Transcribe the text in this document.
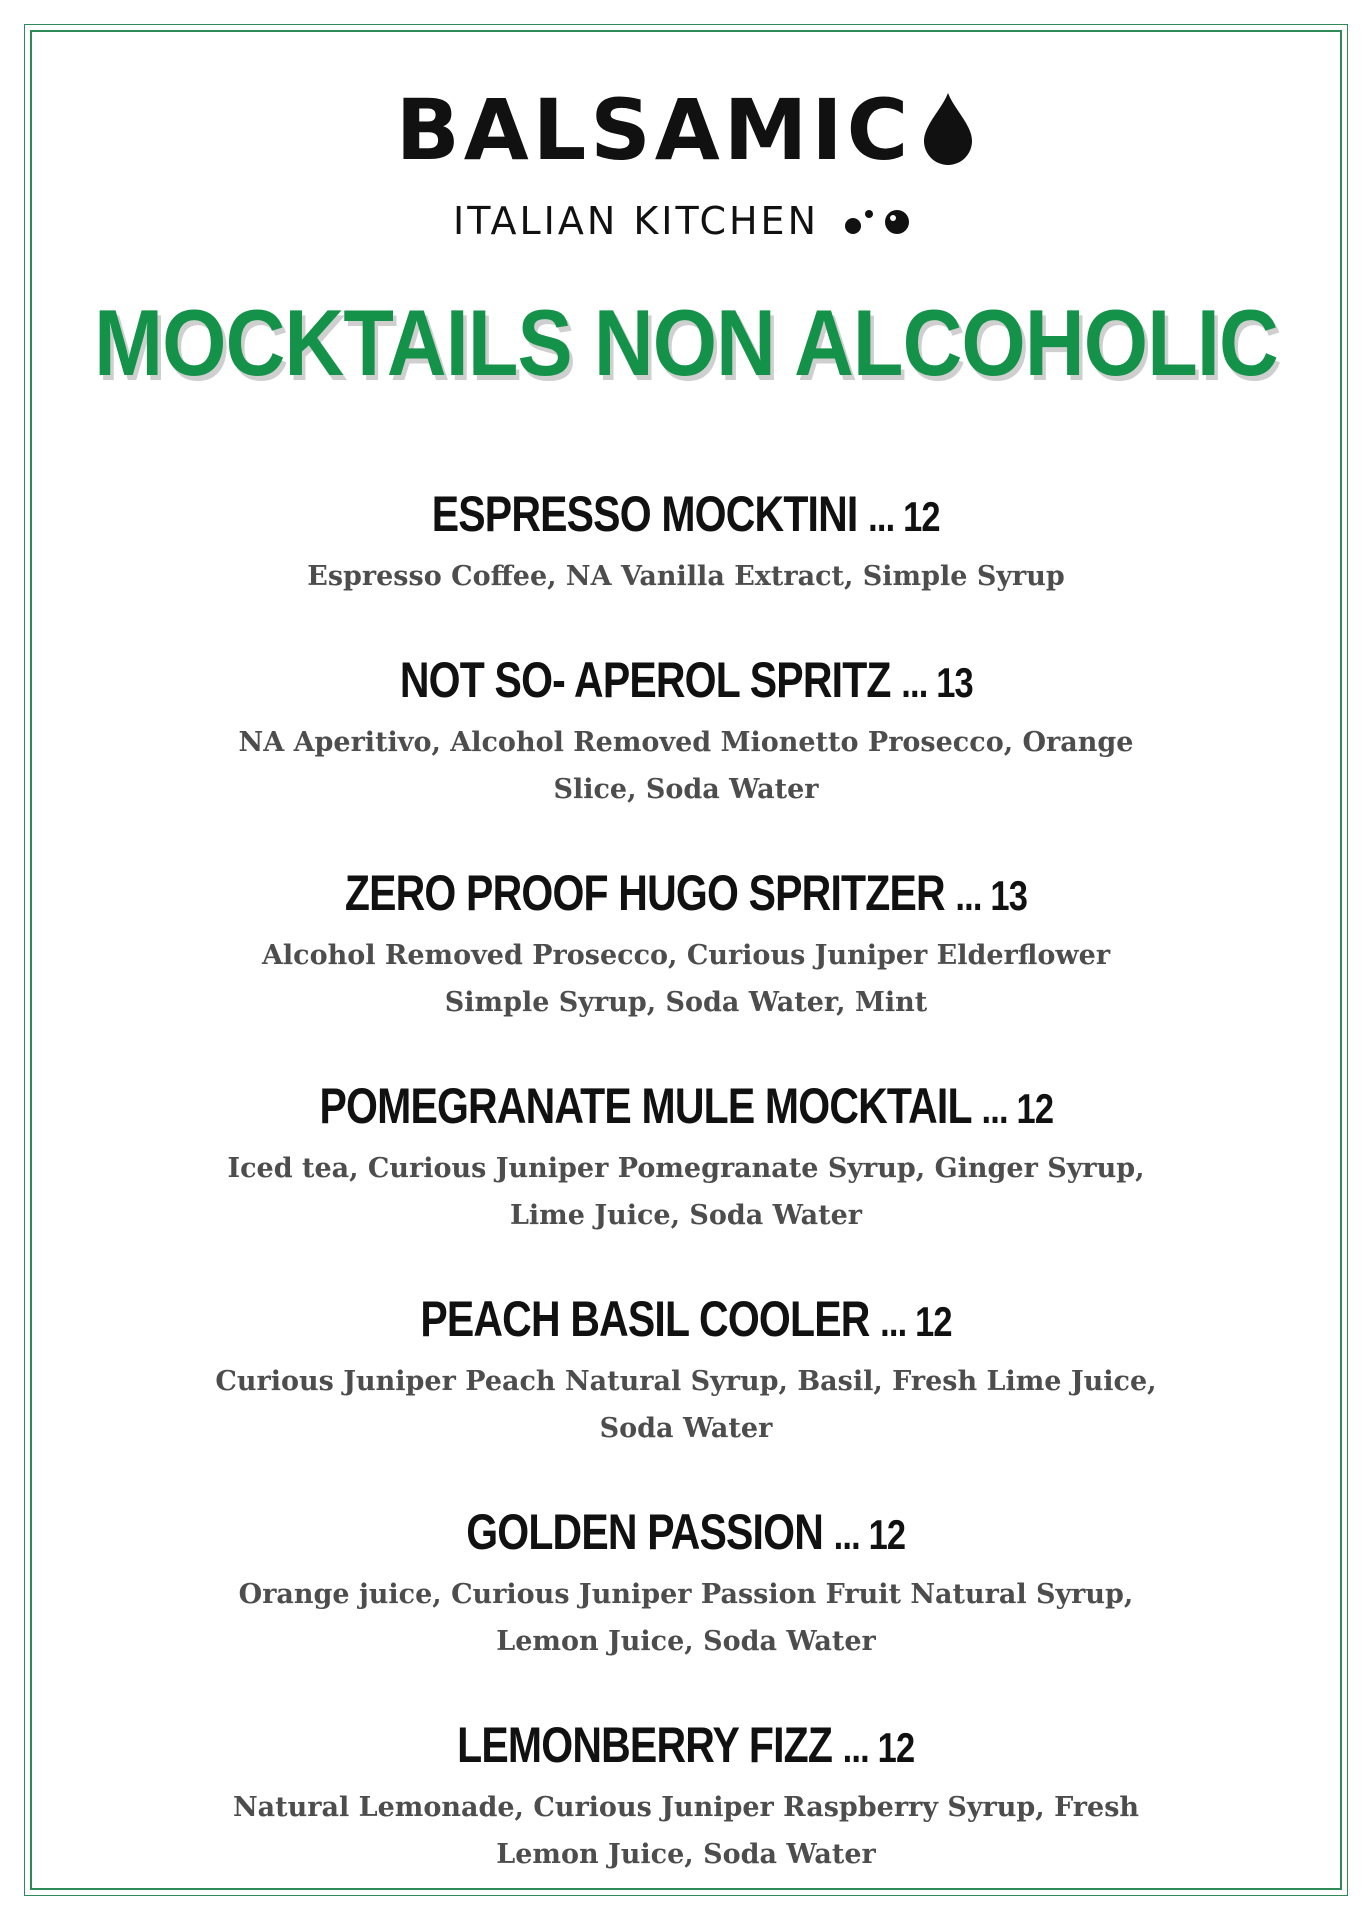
BALSAMIC

ITALIAN KITCHEN
MOCKTAILS NON ALCOHOLIC
ESPRESSO MOCKTINI ... 12
Espresso Coffee, NA Vanilla Extract, Simple Syrup
NOT SO- APEROL SPRITZ ... 13
NA Aperitivo, Alcohol Removed Mionetto Prosecco, Orange Slice, Soda Water
ZERO PROOF HUGO SPRITZER ... 13
Alcohol Removed Prosecco, Curious Juniper Elderflower Simple Syrup, Soda Water, Mint
POMEGRANATE MULE MOCKTAIL ... 12
Iced tea, Curious Juniper Pomegranate Syrup, Ginger Syrup, Lime Juice, Soda Water
PEACH BASIL COOLER ... 12
Curious Juniper Peach Natural Syrup, Basil, Fresh Lime Juice, Soda Water
GOLDEN PASSION ... 12
Orange juice, Curious Juniper Passion Fruit Natural Syrup, Lemon Juice, Soda Water
LEMONBERRY FIZZ ... 12
Natural Lemonade, Curious Juniper Raspberry Syrup, Fresh Lemon Juice, Soda Water
